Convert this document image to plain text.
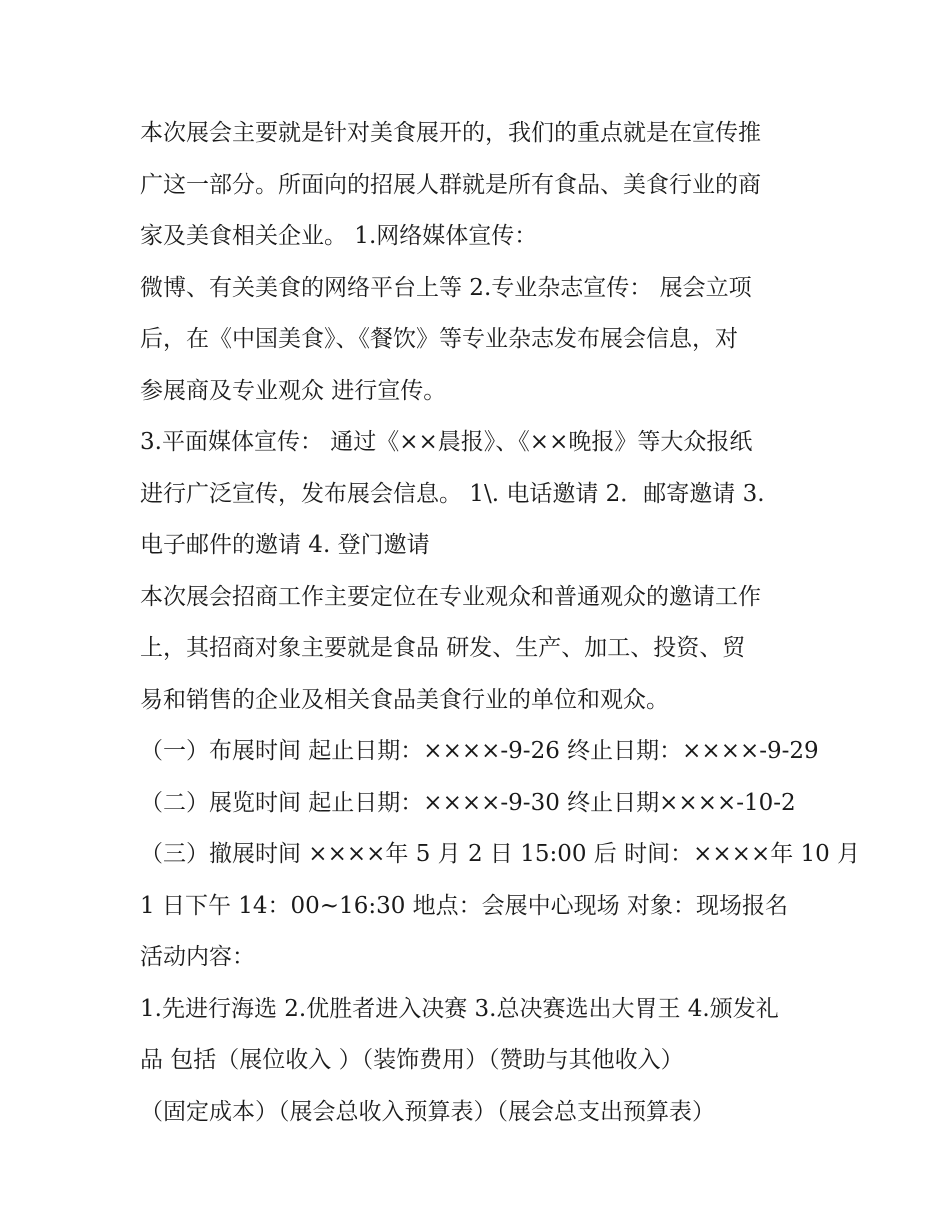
本次展会主要就是针对美食展开的，我们的重点就是在宣传推
广这一部分。所面向的招展人群就是所有食品、美食行业的商
家及美食相关企业。 1.网络媒体宣传：
微博、有关美食的网络平台上等 2.专业杂志宣传： 展会立项
后，在《中国美食》、《餐饮》等专业杂志发布展会信息，对
参展商及专业观众 进行宣传。
3.平面媒体宣传： 通过《××晨报》、《××晚报》等大众报纸
进行广泛宣传，发布展会信息。 1\. 电话邀请 2．邮寄邀请 3.
电子邮件的邀请 4. 登门邀请
本次展会招商工作主要定位在专业观众和普通观众的邀请工作
上，其招商对象主要就是食品 研发、生产、加工、投资、贸
易和销售的企业及相关食品美食行业的单位和观众。
（一）布展时间 起止日期：××××-9-26 终止日期：××××-9-29
（二）展览时间 起止日期：××××-9-30 终止日期××××-10-2
（三）撤展时间 ××××年 5 月 2 日 15:00 后 时间：××××年 10 月
1 日下午 14：00~16:30 地点：会展中心现场 对象：现场报名
活动内容：
1.先进行海选 2.优胜者进入决赛 3.总决赛选出大胃王 4.颁发礼
品 包括（展位收入 ）（装饰费用）（赞助与其他收入）
（固定成本）（展会总收入预算表）（展会总支出预算表）
